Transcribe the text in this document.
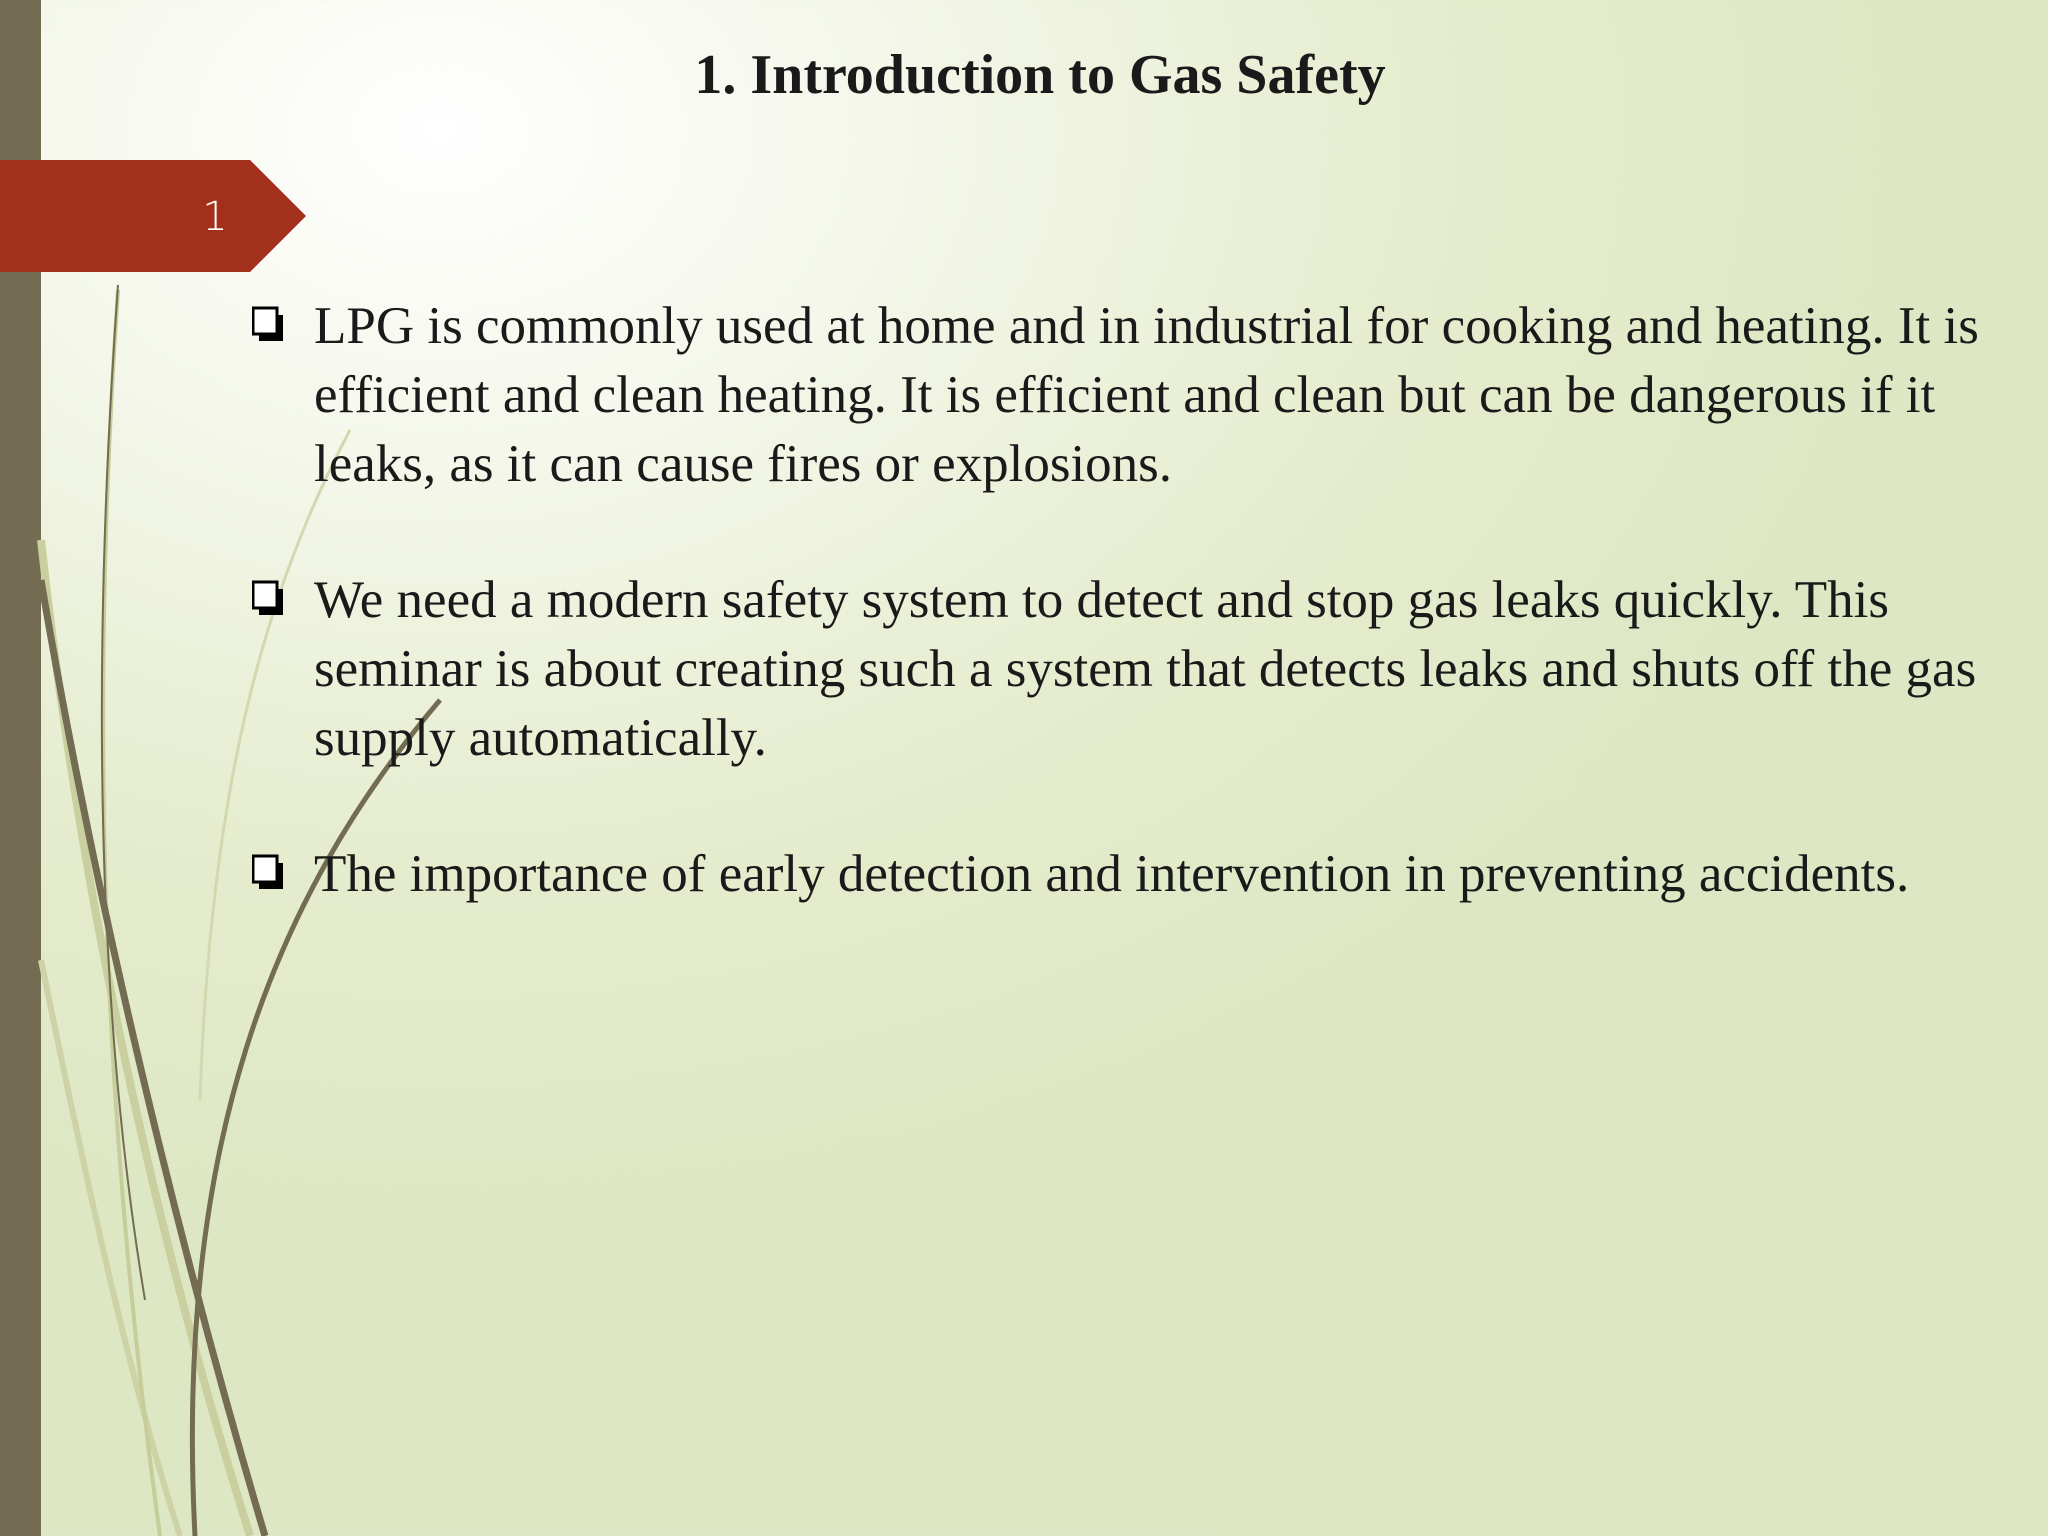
1
1. Introduction to Gas Safety
LPG is commonly used at home and in industrial for cooking and heating. It is efficient and clean heating. It is efficient and clean but can be dangerous if it leaks, as it can cause fires or explosions.
We need a modern safety system to detect and stop gas leaks quickly. This seminar is about creating such a system that detects leaks and shuts off the gas supply automatically.
The importance of early detection and intervention in preventing accidents.
